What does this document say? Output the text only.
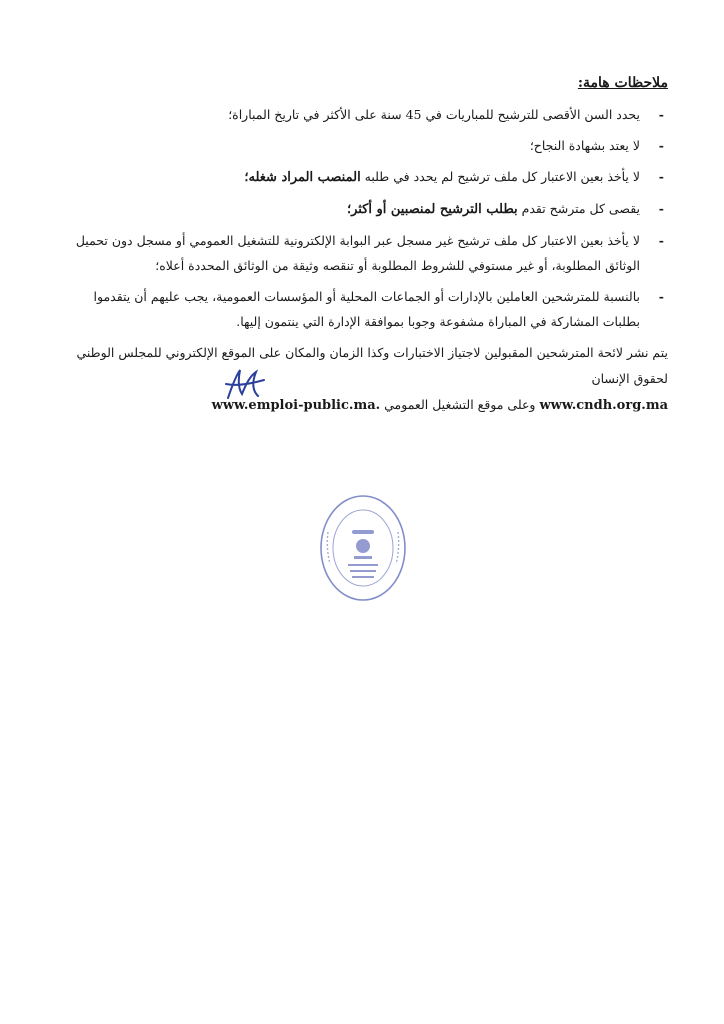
ملاحظات هامة:

-
يحدد السن الأقصى للترشيح للمباريات في 45 سنة على الأكثر في تاريخ المباراة؛
-
لا يعتد بشهادة النجاح؛
-
لا يأخذ بعين الاعتبار كل ملف ترشيح لم يحدد في طلبه المنصب المراد شغله؛
-
يقصى كل مترشح تقدم بطلب الترشيح لمنصبين أو أكثر؛
-
لا يأخذ بعين الاعتبار كل ملف ترشيح غير مسجل عبر البوابة الإلكترونية للتشغيل العمومي أو مسجل دون تحميل الوثائق المطلوبة، أو غير مستوفي للشروط المطلوبة أو تنقصه وثيقة من الوثائق المحددة أعلاه؛
-
بالنسبة للمترشحين العاملين بالإدارات أو الجماعات المحلية أو المؤسسات العمومية، يجب عليهم أن يتقدموا بطلبات المشاركة في المباراة مشفوعة وجوبا بموافقة الإدارة التي ينتمون إليها.

يتم نشر لائحة المترشحين المقبولين لاجتياز الاختبارات وكذا الزمان والمكان على الموقع الإلكتروني للمجلس الوطني لحقوق الإنسان
www.cndh.org.ma وعلى موقع التشغيل العمومي www.emploi-public.ma.
